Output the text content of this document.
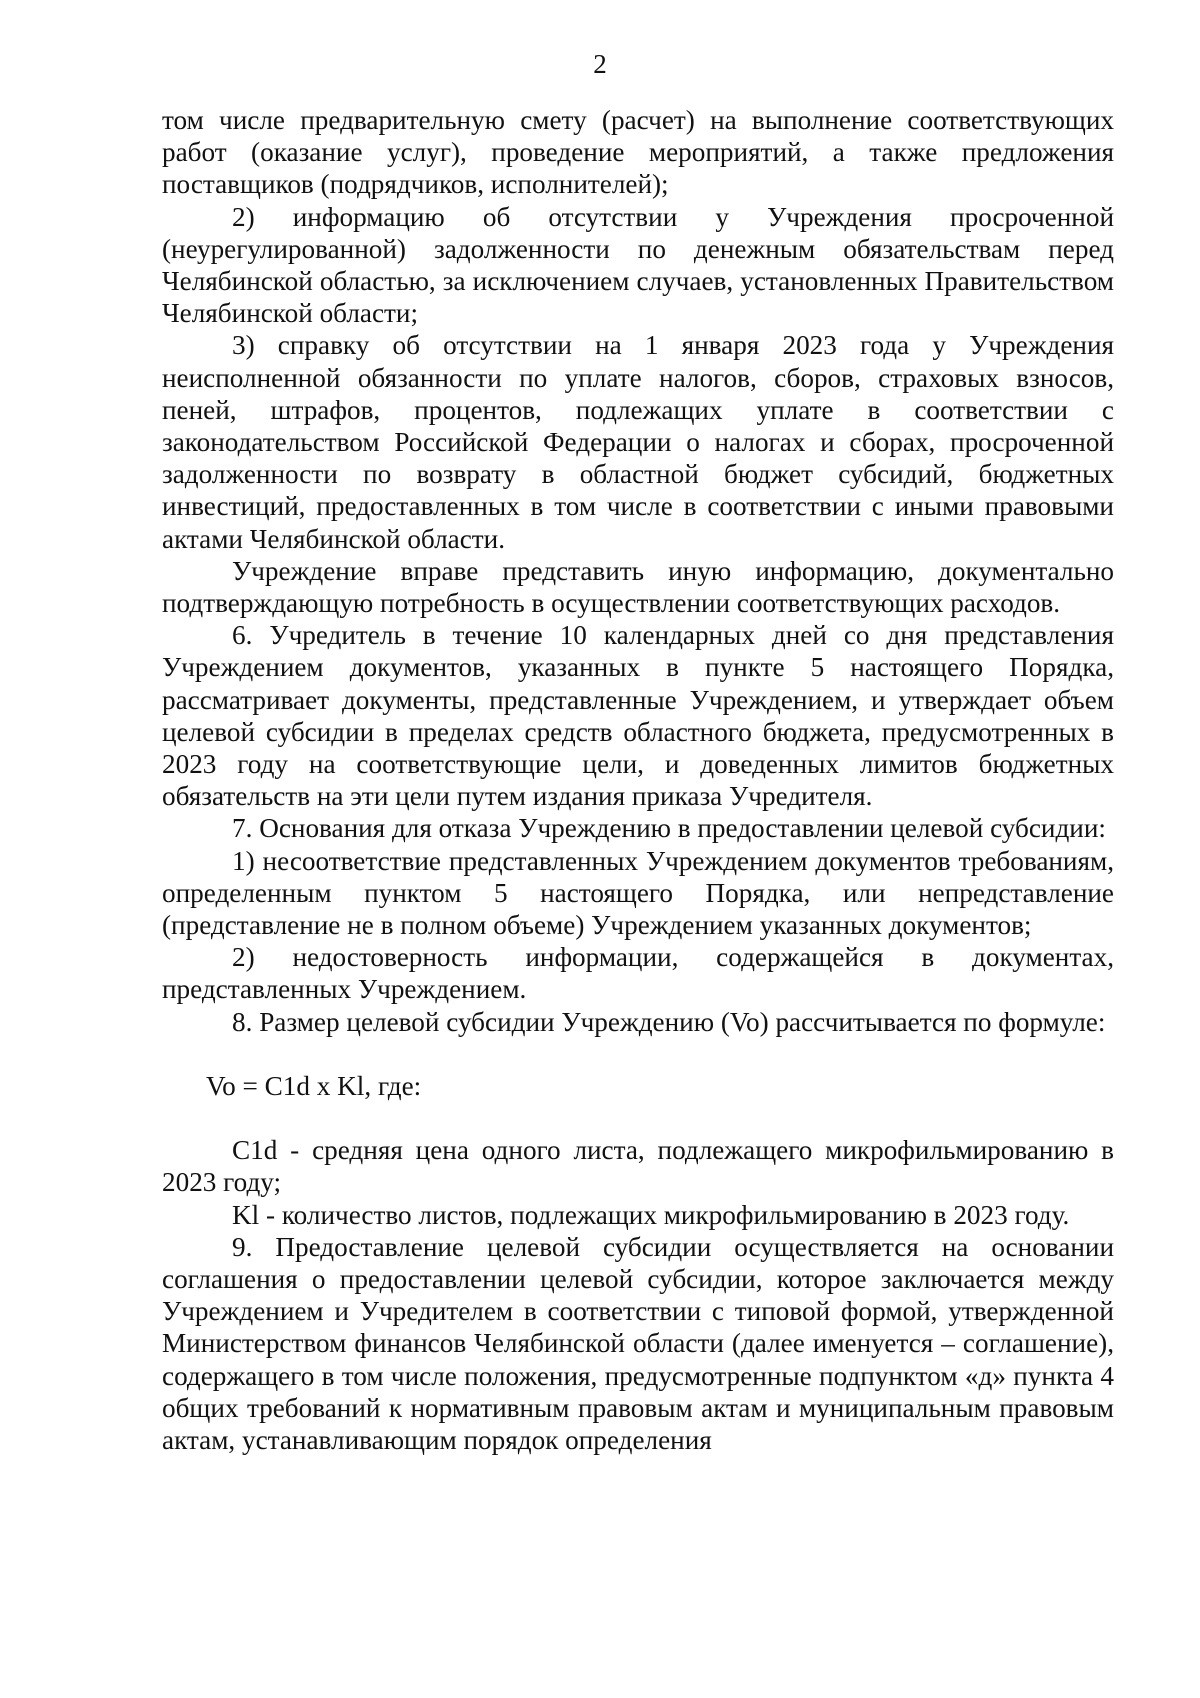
2

том числе предварительную смету (расчет) на выполнение соответствующих работ (оказание услуг), проведение мероприятий, а также предложения поставщиков (подрядчиков, исполнителей);

2) информацию об отсутствии у Учреждения просроченной (неурегулированной) задолженности по денежным обязательствам перед Челябинской областью, за исключением случаев, установленных Правительством Челябинской области;

3) справку об отсутствии на 1 января 2023 года у Учреждения неисполненной обязанности по уплате налогов, сборов, страховых взносов, пеней, штрафов, процентов, подлежащих уплате в соответствии с законодательством Российской Федерации о налогах и сборах, просроченной задолженности по возврату в областной бюджет субсидий, бюджетных инвестиций, предоставленных в том числе в соответствии с иными правовыми актами Челябинской области.

Учреждение вправе представить иную информацию, документально подтверждающую потребность в осуществлении соответствующих расходов.

6. Учредитель в течение 10 календарных дней со дня представления Учреждением документов, указанных в пункте 5 настоящего Порядка, рассматривает документы, представленные Учреждением, и утверждает объем целевой субсидии в пределах средств областного бюджета, предусмотренных в 2023 году на соответствующие цели, и доведенных лимитов бюджетных обязательств на эти цели путем издания приказа Учредителя.

7. Основания для отказа Учреждению в предоставлении целевой субсидии:

1) несоответствие представленных Учреждением документов требованиям, определенным пунктом 5 настоящего Порядка, или непредставление (представление не в полном объеме) Учреждением указанных документов;

2) недостоверность информации, содержащейся в документах, представленных Учреждением.

8. Размер целевой субсидии Учреждению (Vo) рассчитывается по формуле:

Vo = C1d x Kl, где:

C1d - средняя цена одного листа, подлежащего микрофильмированию в 2023 году;

Kl - количество листов, подлежащих микрофильмированию в 2023 году.

9. Предоставление целевой субсидии осуществляется на основании соглашения о предоставлении целевой субсидии, которое заключается между Учреждением и Учредителем в соответствии с типовой формой, утвержденной Министерством финансов Челябинской области (далее именуется – соглашение), содержащего в том числе положения, предусмотренные подпунктом «д» пункта 4 общих требований к нормативным правовым актам и муниципальным правовым актам, устанавливающим порядок определения
